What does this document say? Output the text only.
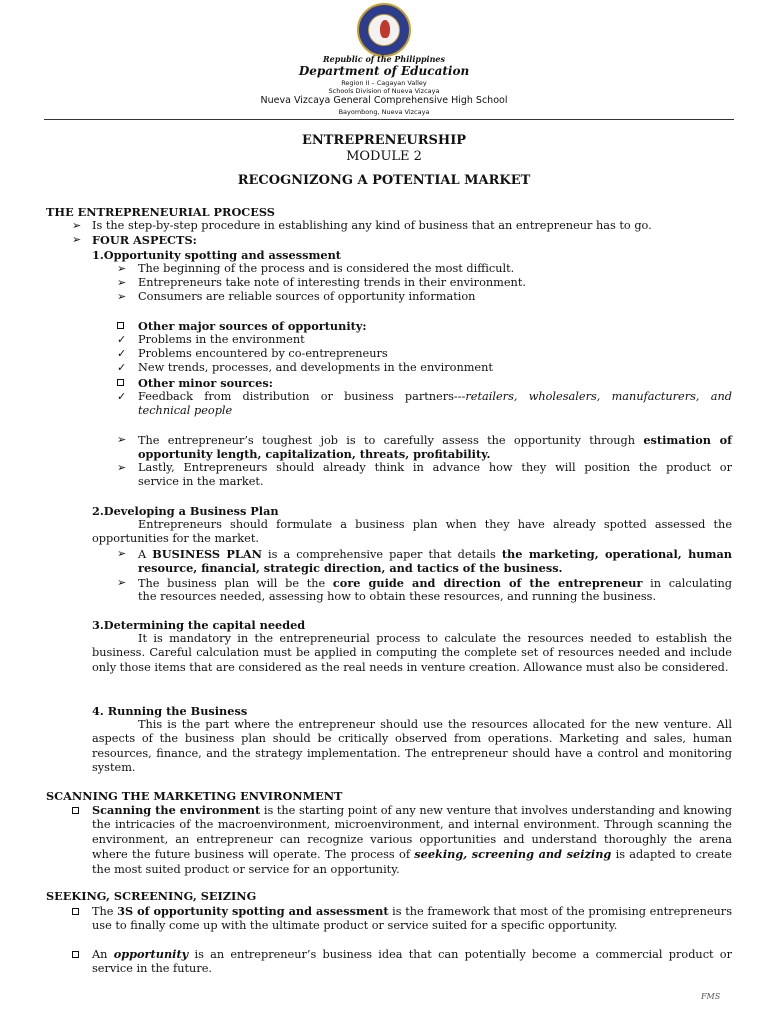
Republic of the Philippines
Department of Education
Region II – Cagayan Valley
Schools Division of Nueva Vizcaya
Nueva Vizcaya General Comprehensive High School
Bayombong, Nueva Vizcaya
ENTREPRENEURSHIP
MODULE 2
RECOGNIZONG A POTENTIAL MARKET
THE ENTREPRENEURIAL PROCESS
➢ Is the step-by-step procedure in establishing any kind of business that an entrepreneur has to go.
➢ FOUR ASPECTS:
1.Opportunity spotting and assessment
➢ The beginning of the process and is considered the most difficult.
➢ Entrepreneurs take note of interesting trends in their environment.
➢ Consumers are reliable sources of opportunity information
Other major sources of opportunity:
✓ Problems in the environment
✓ Problems encountered by co-entrepreneurs
✓ New trends, processes, and developments in the environment
Other minor sources:
✓ Feedback from distribution or business partners---retailers, wholesalers, manufacturers, and
technical people
➢ The entrepreneur’s toughest job is to carefully assess the opportunity through estimation of
opportunity length, capitalization, threats, profitability.
➢ Lastly, Entrepreneurs should already think in advance how they will position the product or
service in the market.
2.Developing a Business Plan
Entrepreneurs should formulate a business plan when they have already spotted assessed the
opportunities for the market.
➢ A BUSINESS PLAN is a comprehensive paper that details the marketing, operational, human
resource, financial, strategic direction, and tactics of the business.
➢ The business plan will be the core guide and direction of the entrepreneur in calculating
the resources needed, assessing how to obtain these resources, and running the business.
3.Determining the capital needed
It is mandatory in the entrepreneurial process to calculate the resources needed to establish the business. Careful calculation must be applied in computing the complete set of resources needed and include only those items that are considered as the real needs in venture creation. Allowance must also be considered.
4. Running the Business
This is the part where the entrepreneur should use the resources allocated for the new venture. All aspects of the business plan should be critically observed from operations. Marketing and sales, human resources, finance, and the strategy implementation. The entrepreneur should have a control and monitoring system.
SCANNING THE MARKETING ENVIRONMENT
Scanning the environment is the starting point of any new venture that involves understanding and knowing the intricacies of the macroenvironment, microenvironment, and internal environment. Through scanning the environment, an entrepreneur can recognize various opportunities and understand thoroughly the arena where the future business will operate. The process of seeking, screening and seizing is adapted to create the most suited product or service for an opportunity.
SEEKING, SCREENING, SEIZING
The 3S of opportunity spotting and assessment is the framework that most of the promising entrepreneurs use to finally come up with the ultimate product or service suited for a specific opportunity.
An opportunity is an entrepreneur’s business idea that can potentially become a commercial product or service in the future.
FMS
